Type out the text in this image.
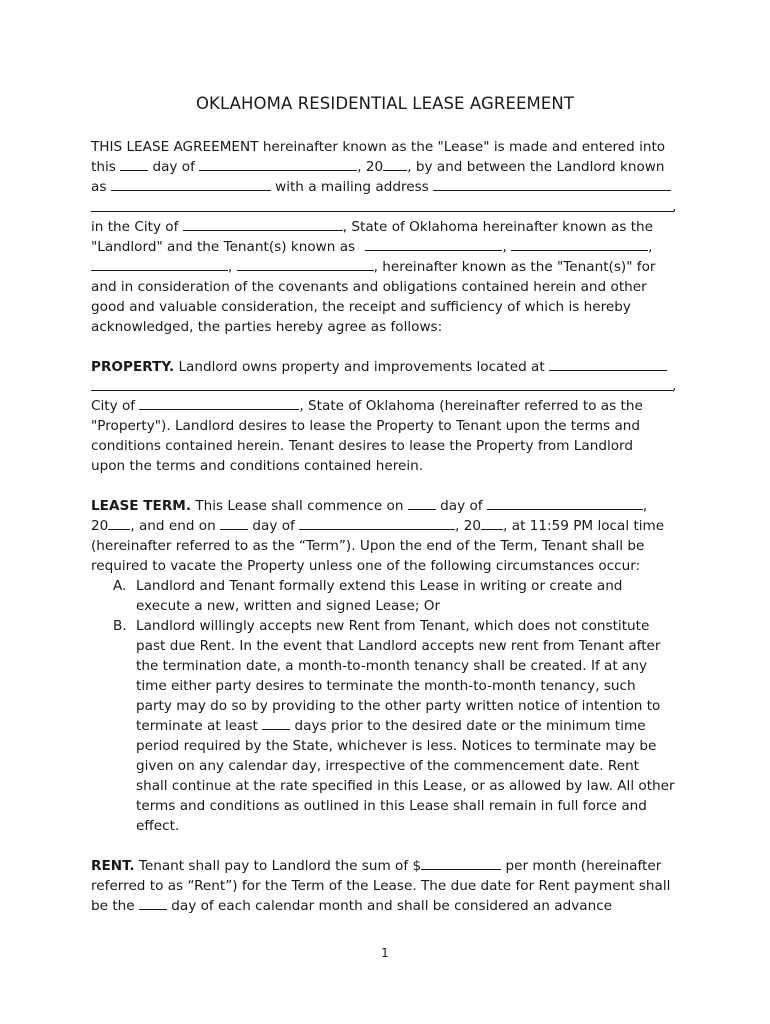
OKLAHOMA RESIDENTIAL LEASE AGREEMENT
THIS LEASE AGREEMENT hereinafter known as the "Lease" is made and entered into
this	day of	, 20 , by and between the Landlord known
as	with a mailing address
,
in the City of	, State of Oklahoma hereinafter known as the
"Landlord" and the Tenant(s) known as	,	,
,	, hereinafter known as the "Tenant(s)" for
and in consideration of the covenants and obligations contained herein and other
good and valuable consideration, the receipt and sufficiency of which is hereby
acknowledged, the parties hereby agree as follows:
PROPERTY. Landlord owns property and improvements located at
,
City of	, State of Oklahoma (hereinafter referred to as the
"Property"). Landlord desires to lease the Property to Tenant upon the terms and
conditions contained herein. Tenant desires to lease the Property from Landlord
upon the terms and conditions contained herein.
LEASE TERM. This Lease shall commence on	day of	,
20 , and end on	day of	, 20 , at 11:59 PM local time
(hereinafter referred to as the “Term”). Upon the end of the Term, Tenant shall be
required to vacate the Property unless one of the following circumstances occur:
A. Landlord and Tenant formally extend this Lease in writing or create and
execute a new, written and signed Lease; Or
B. Landlord willingly accepts new Rent from Tenant, which does not constitute
past due Rent. In the event that Landlord accepts new rent from Tenant after
the termination date, a month-to-month tenancy shall be created. If at any
time either party desires to terminate the month-to-month tenancy, such
party may do so by providing to the other party written notice of intention to
terminate at least	days prior to the desired date or the minimum time
period required by the State, whichever is less. Notices to terminate may be
given on any calendar day, irrespective of the commencement date. Rent
shall continue at the rate specified in this Lease, or as allowed by law. All other
terms and conditions as outlined in this Lease shall remain in full force and
effect.
RENT. Tenant shall pay to Landlord the sum of $	per month (hereinafter
referred to as “Rent”) for the Term of the Lease. The due date for Rent payment shall
be the	day of each calendar month and shall be considered an advance
1
